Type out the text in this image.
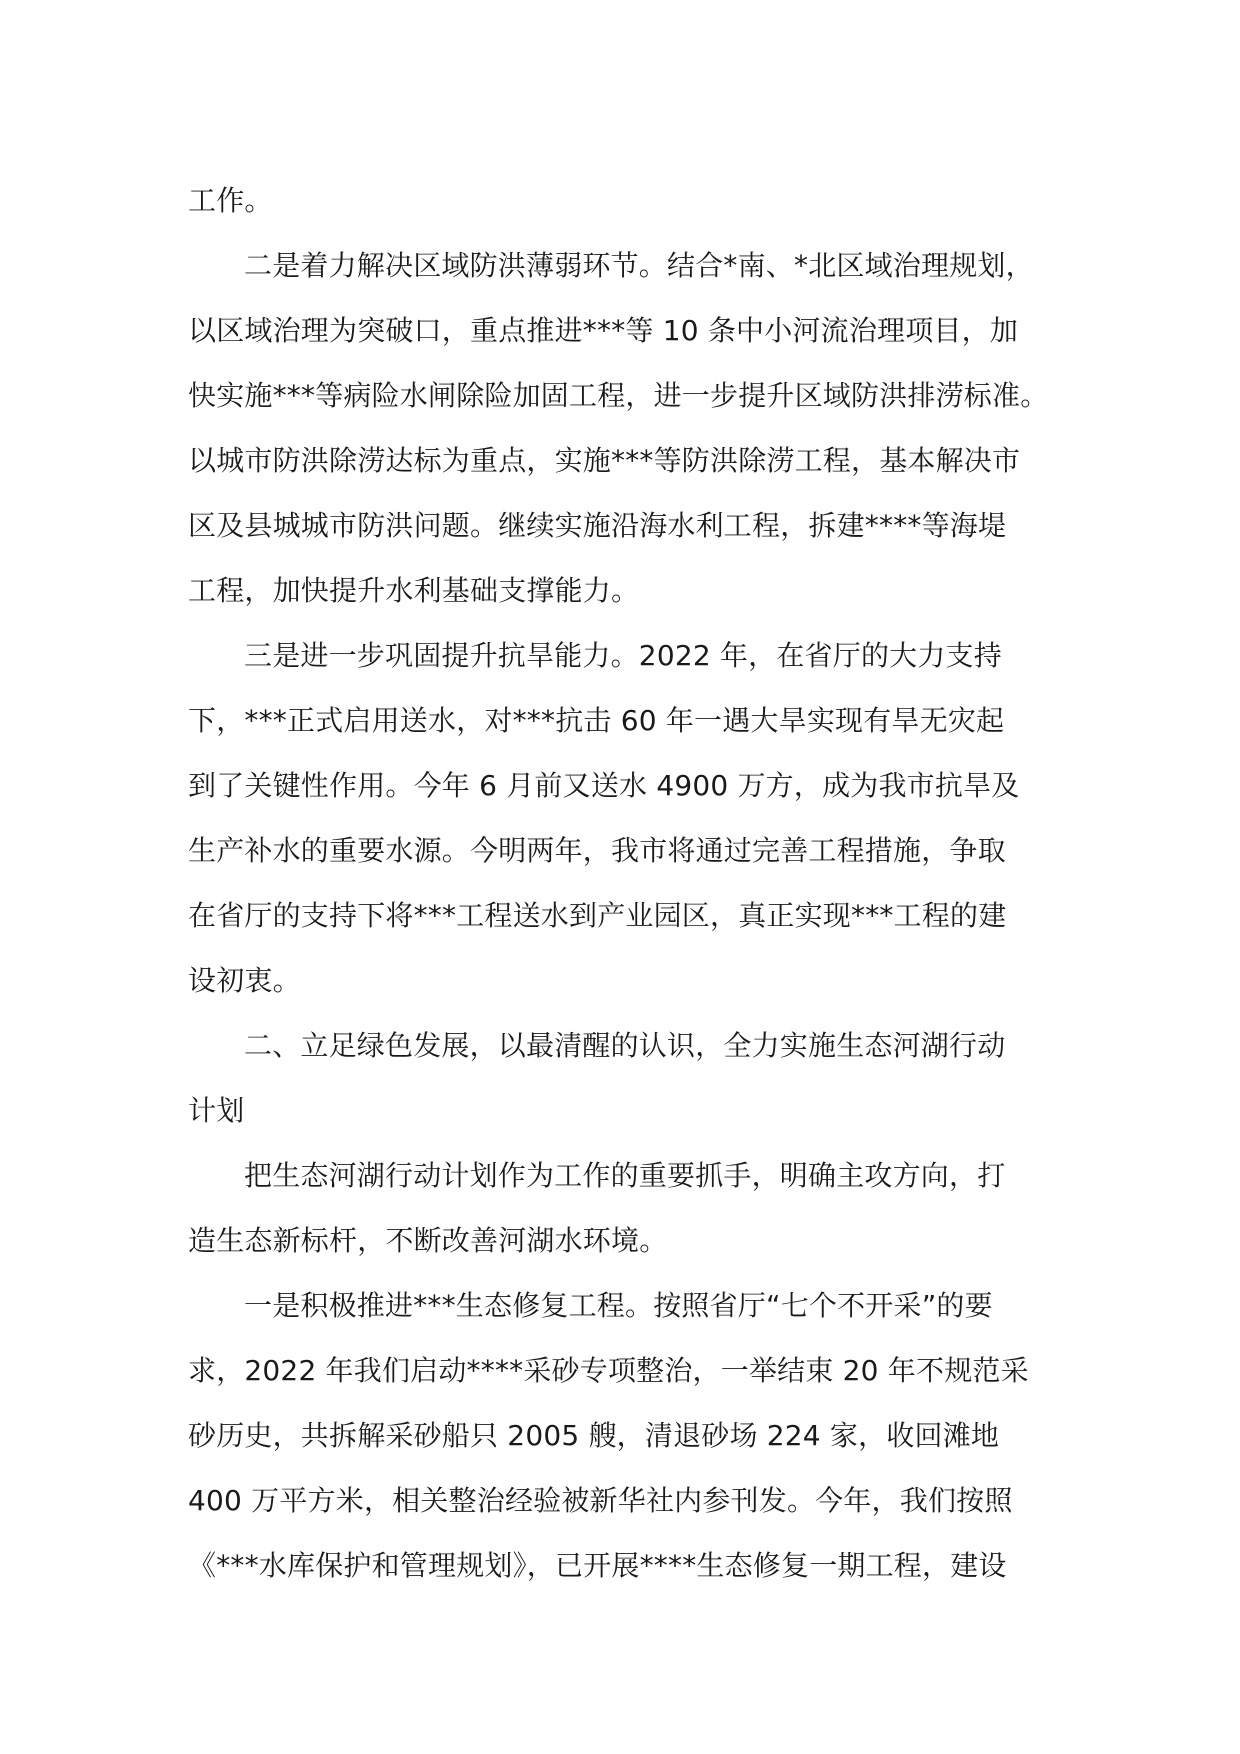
工作。

二是着力解决区域防洪薄弱环节。结合*南、*北区域治理规划，
以区域治理为突破口，重点推进***等 10 条中小河流治理项目，加
快实施***等病险水闸除险加固工程，进一步提升区域防洪排涝标准。
以城市防洪除涝达标为重点，实施***等防洪除涝工程，基本解决市
区及县城城市防洪问题。继续实施沿海水利工程，拆建****等海堤
工程，加快提升水利基础支撑能力。

三是进一步巩固提升抗旱能力。2022 年，在省厅的大力支持
下，***正式启用送水，对***抗击 60 年一遇大旱实现有旱无灾起
到了关键性作用。今年 6 月前又送水 4900 万方，成为我市抗旱及
生产补水的重要水源。今明两年，我市将通过完善工程措施，争取
在省厅的支持下将***工程送水到产业园区，真正实现***工程的建
设初衷。

二、立足绿色发展，以最清醒的认识，全力实施生态河湖行动
计划

把生态河湖行动计划作为工作的重要抓手，明确主攻方向，打
造生态新标杆，不断改善河湖水环境。

一是积极推进***生态修复工程。按照省厅“七个不开采”的要
求，2022 年我们启动****采砂专项整治，一举结束 20 年不规范采
砂历史，共拆解采砂船只 2005 艘，清退砂场 224 家，收回滩地
400 万平方米，相关整治经验被新华社内参刊发。今年，我们按照
《***水库保护和管理规划》，已开展****生态修复一期工程，建设
